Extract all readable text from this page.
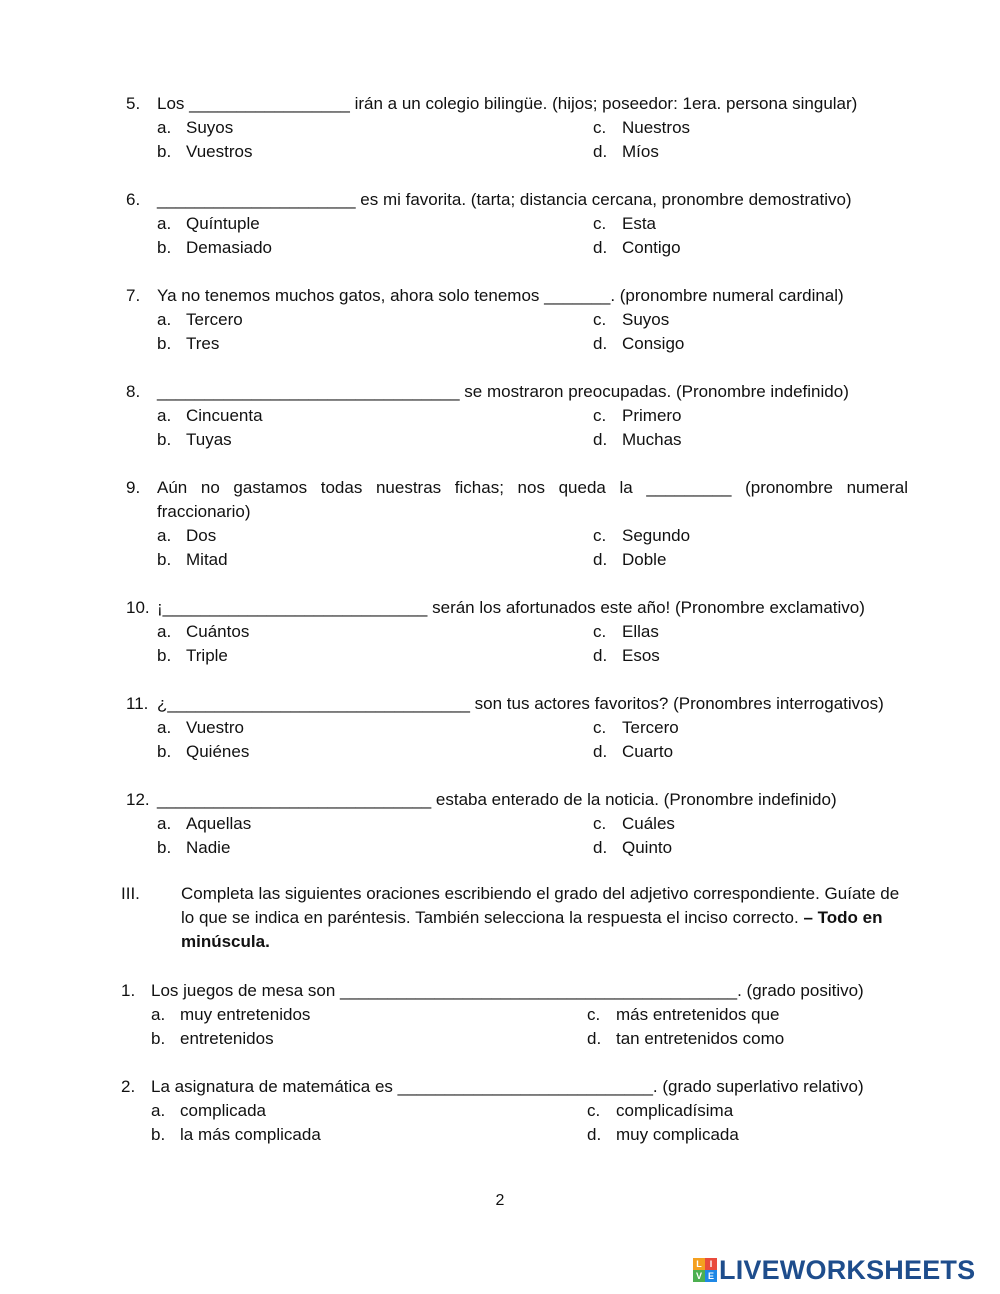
5. Los _________________ irán a un colegio bilingüe. (hijos; poseedor: 1era. persona singular)
a. Suyos
b. Vuestros
c. Nuestros
d. Míos
6. _____________________ es mi favorita. (tarta; distancia cercana, pronombre demostrativo)
a. Quíntuple
b. Demasiado
c. Esta
d. Contigo
7. Ya no tenemos muchos gatos, ahora solo tenemos _______. (pronombre numeral cardinal)
a. Tercero
b. Tres
c. Suyos
d. Consigo
8. ________________________________ se mostraron preocupadas. (Pronombre indefinido)
a. Cincuenta
b. Tuyas
c. Primero
d. Muchas
9. Aún no gastamos todas nuestras fichas; nos queda la _________ (pronombre numeral
fraccionario)
a. Dos
b. Mitad
c. Segundo
d. Doble
10. ¡____________________________ serán los afortunados este año! (Pronombre exclamativo)
a. Cuántos
b. Triple
c. Ellas
d. Esos
11. ¿________________________________ son tus actores favoritos? (Pronombres interrogativos)
a. Vuestro
b. Quiénes
c. Tercero
d. Cuarto
12. _____________________________ estaba enterado de la noticia. (Pronombre indefinido)
a. Aquellas
b. Nadie
c. Cuáles
d. Quinto
III. Completa las siguientes oraciones escribiendo el grado del adjetivo correspondiente. Guíate de lo que se indica en paréntesis. También selecciona la respuesta el inciso correcto. – Todo en minúscula.
1. Los juegos de mesa son __________________________________________. (grado positivo)
a. muy entretenidos
b. entretenidos
c. más entretenidos que
d. tan entretenidos como
2. La asignatura de matemática es ___________________________. (grado superlativo relativo)
a. complicada
b. la más complicada
c. complicadísima
d. muy complicada
2
L I
V E LIVEWORKSHEETS
